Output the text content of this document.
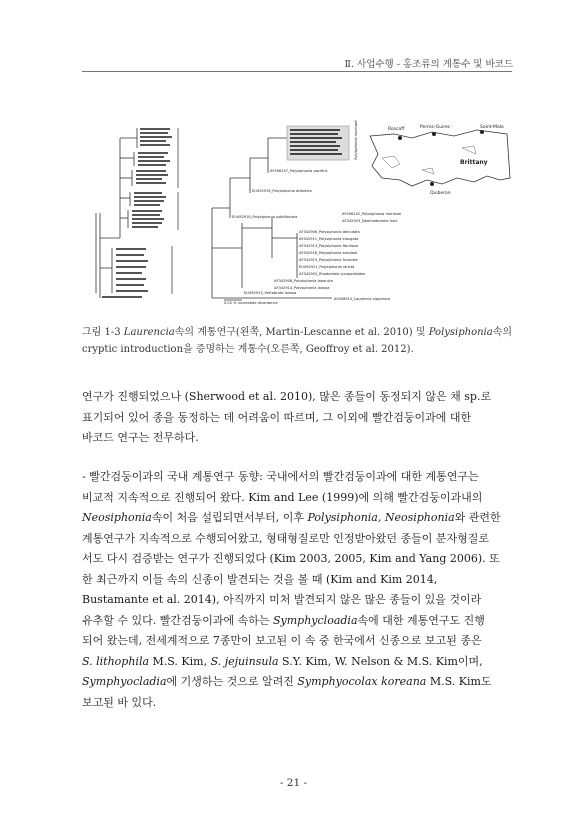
Ⅱ. 사업수행 - 홍조류의 계통수 및 바코드
AY396147_Polysiphonia pacifica
EU492916_Polysiphonia atlantica
EU492918_Polysiphonia subtilissima
AF342906_Polysiphonia denudata
AY342911_Polysiphonia elongata
AF342913_Polysiphonia fibrillosa
AY342918_Polysiphonia brodiaei
AF342915_Polysiphonia fucoides
EU492921_Polysiphonia stricta
AF342902_Rhodomela lycopodioides
AY396142_Polysiphonia morrowii
AF342903_Neorhodomela larix
AF342908_Polysiphonia japonica
AF342914_Polysiphonia lanosa
EU492913_Vertebrata lanosa
AF408910_Laurencia nipponica
0.02 % nucleotide divergence
Polysiphonia morrowii	Roscoff	Perros-Guirec	Saint-Malo
Brittany
Quiberon
그림 1-3 Laurencia속의 계통연구(왼쪽, Martin-Lescanne et al. 2010) 및 Polysiphonia속의
cryptic introduction을 증명하는 계통수(오른쪽, Geoffroy et al. 2012).

연구가 진행되었으나 (Sherwood et al. 2010), 많은 종들이 동정되지 않은 채 sp.로

표기되어 있어 종을 동정하는 데 어려움이 따르며, 그 이외에 빨간검둥이과에 대한

바코드 연구는 전무하다.

- 빨간검둥이과의 국내 계통연구 동향: 국내에서의 빨간검둥이과에 대한 계통연구는

비교적 지속적으로 진행되어 왔다. Kim and Lee (1999)에 의해 빨간검둥이과내의

Neosiphonia속이 처음 설립되면서부터, 이후 Polysiphonia, Neosiphonia와 관련한

계통연구가 지속적으로 수행되어왔고, 형태형질로만 인정받아왔던 종들이 분자형질로

서도 다시 검증받는 연구가 진행되었다 (Kim 2003, 2005, Kim and Yang 2006). 또

한 최근까지 이들 속의 신종이 발견되는 것을 볼 때 (Kim and Kim 2014,

Bustamante et al. 2014), 아직까지 미처 발견되지 않은 많은 종들이 있을 것이라

유추할 수 있다. 빨간검둥이과에 속하는 Symphycloadia속에 대한 계통연구도 진행

되어 왔는데, 전세계적으로 7종만이 보고된 이 속 중 한국에서 신종으로 보고된 종은

S. lithophila M.S. Kim, S. jejuinsula S.Y. Kim, W. Nelson & M.S. Kim이며,

Symphyocladia에 기생하는 것으로 알려진 Symphyocolax koreana M.S. Kim도

보고된 바 있다.

- 21 -
